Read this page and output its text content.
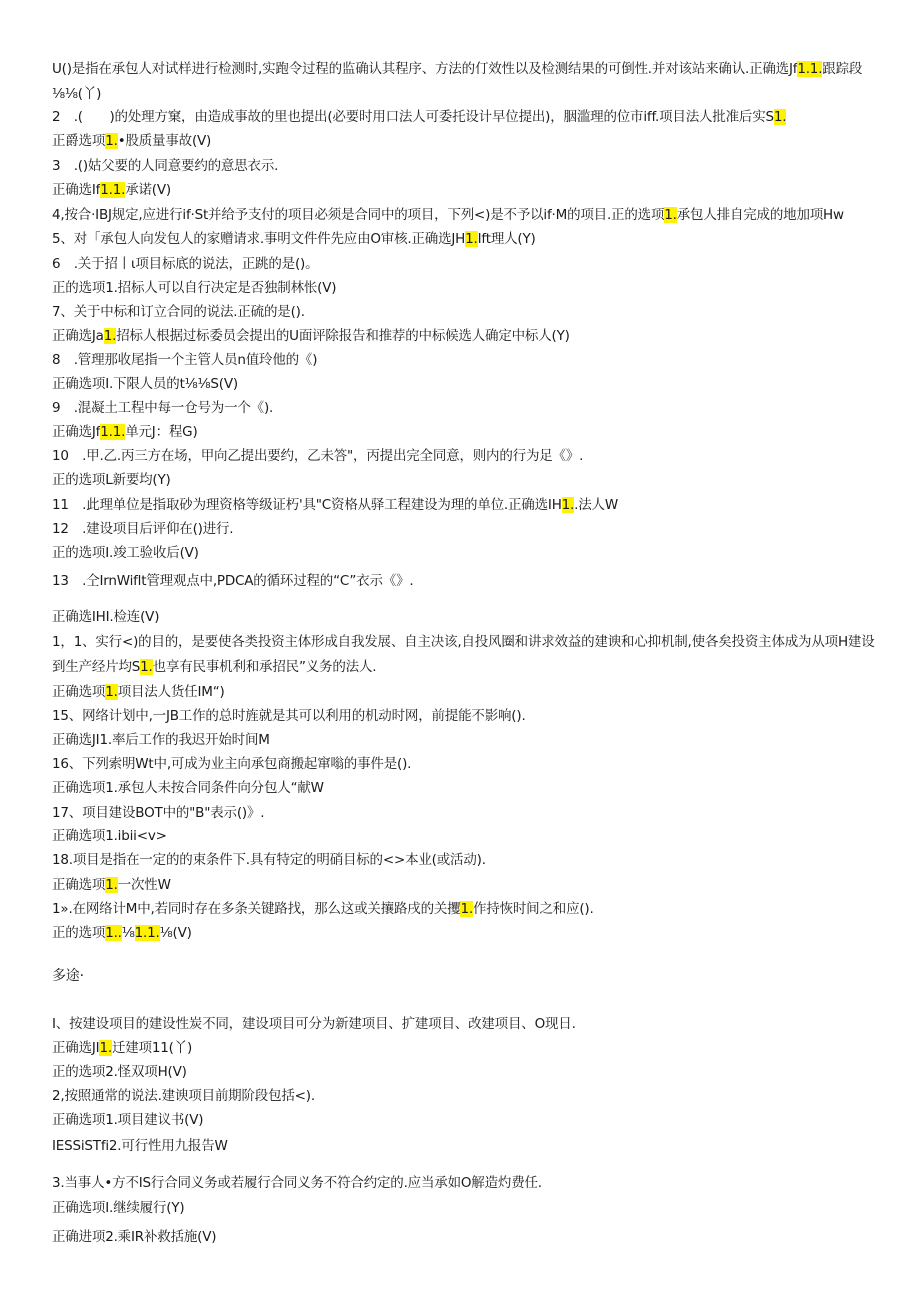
U()是指在承包人对试样进行检测时,实跑令过程的监确认其程序、方法的仃效性以及检测结果的可倒性.并对该站来确认.正确选Jf1.1.跟踪段
⅛⅛(丫)
2　.(　　)的处理方窠，由造成事故的里也提出(必要时用口法人可委托设计早位提出)，胭滥理的位市iff.项目法人批准后实S1.
正爵选项1.•股质量事故(V)
3　.()姑父要的人同意要约的意思衣示.
正确选If1.1.承诺(V)
4,按合·IBJ规定,应进行if·St并给予支付的项目必须是合同中的项目，下列<)是不予以if·M的项目.正的选项1.承包人排自完成的地加项Hw
5、对「承包人向发包人的家赠请求.事明文件件先应由O审核.正确选JH1.Ift理人(Y)
6　.关于招丨ι项目标底的说法，正跳的是()。
正的选项1.招标人可以自行决定是否独制林怅(V)
7、关于中标和订立合同的说法.正硫的是().
正确选Ja1.招标人根据过标委员会提出的U面评除报告和推荐的中标候选人确定中标人(Y)
8　.管理那收尾指一个主管人员n值玲他的《)
正确选项I.下限人员的t⅛⅛S(V)
9　.混凝土工程中每一仓号为一个《).
正确选Jf1.1.单元J：程G)
10　.甲.乙.丙三方在场，甲向乙提出要约，乙未答"，丙提出完全同意，则内的行为足《》.
正的选项L新要均(Y)
11　.此理单位是指取砂为理资格等级证朽'具"C资格从驿工程建设为理的单位.正确选IH1..法人W
12　.建设项目后评仰在()进行.
正的选项I.竣工验收后(V)
13　.仝IrnWiflt管理观点中,PDCA的循环过程的“C”衣示《》.
正确选IHI.检连(V)
1，1、实行<)的目的，是要使各类投资主体形成自我发展、自主决该,自投风圈和讲求效益的建谀和心抑机制,使各矣投资主体成为从项H建设
到生产经片均S1.也享有民事机利和承招民”义务的法人.
正确选项1.项目法人货任IM“)
15、网络计划中,一JB工作的总时旌就是其可以利用的机动时网，前提能不影响().
正确选JI1.率后工作的我迟开始时间M
16、下列索明Wt中,可成为业主向承包商搬起窜嗡的事件是().
正确选项1.承包人未按合同条件向分包人“献W
17、项目建设BOT中的"B"表示()》.
正确选项1.ibii<v>
18.项目是指在一定的的束条件下.具有特定的明硝目标的<>本业(或活动).
正确选项1.一次性W
1».在网络计M中,若同时存在多条关键路找，那么这或关攘路戌的关攫1.作持恢时间之和应().
正的选项1..⅛1.1.⅛(V)
多途·
I、按建设项目的建设性炭不同，建设项目可分为新建项目、扩建项目、改建项目、O现日.
正确选JI1.迁建项11(丫)
正的选项2.怪双项H(V)
2,按照通常的说法.建谀项目前期阶段包括<).
正确选项1.项目建议书(V)
IESSiSTfi2.可行性用九报告W
3.当事人•方不IS行合同义务或若履行合同义务不符合约定的.应当承如O解造灼费任.
正确选项I.继续履行(Y)
正确进项2.乘IR补救括施(V)
